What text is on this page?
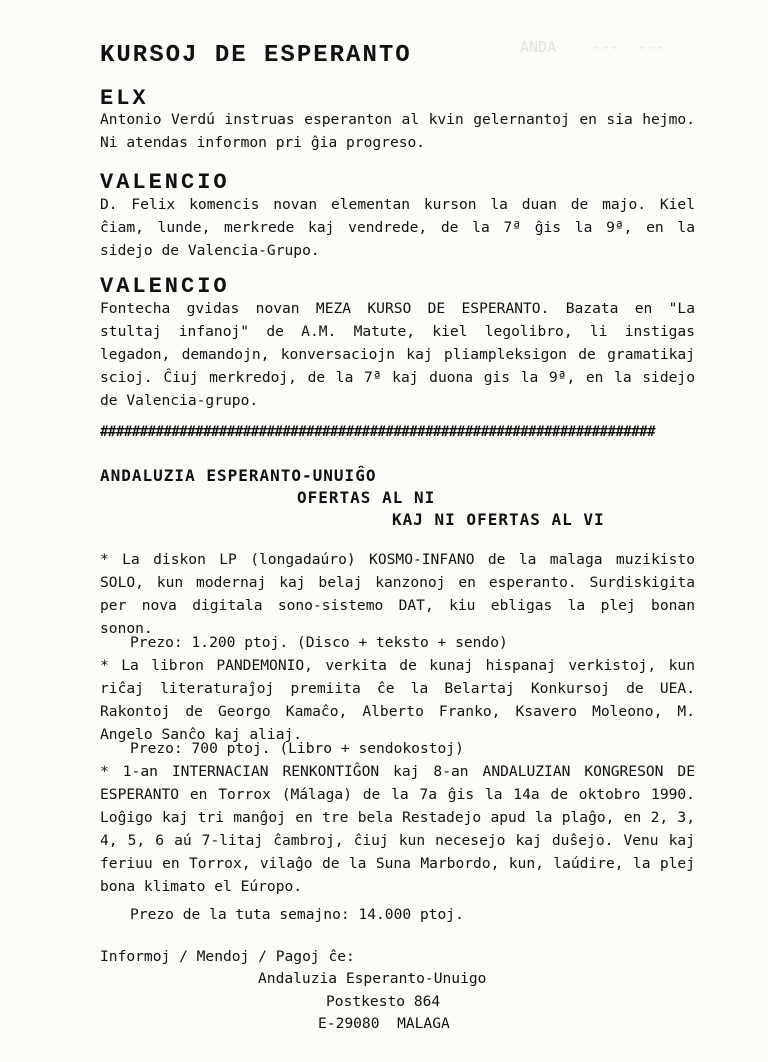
ANDA    ---  ---
KURSOJ DE ESPERANTO
ELX

Antonio Verdú instruas esperanton al kvin gelernantoj en sia hejmo. Ni atendas informon pri ĝia progreso.

VALENCIO

D. Felix komencis novan elementan kurson la duan de majo. Kiel ĉiam, lunde, merkrede kaj vendrede, de la 7ª ĝis la 9ª, en la sidejo de Valencia-Grupo.

VALENCIO

Fontecha gvidas novan MEZA KURSO DE ESPERANTO. Bazata en "La stultaj infanoj" de A.M. Matute, kiel legolibro, li instigas legadon, demandojn, konversaciojn kaj pliampleksigon de gramatikaj scioj. Ĉiuj merkredoj, de la 7ª kaj duona gis la 9ª, en la sidejo de Valencia-grupo.

######################################################################
ANDALUZIA ESPERANTO-UNUIĜO
OFERTAS AL NI
KAJ NI OFERTAS AL VI

* La diskon LP (longadaúro) KOSMO-INFANO de la malaga muzikisto SOLO, kun modernaj kaj belaj kanzonoj en esperanto. Surdiskigita per nova digitala sono-sistemo DAT, kiu ebligas la plej bonan sonon.

Prezo: 1.200 ptoj. (Disco + teksto + sendo)

* La libron PANDEMONIO, verkita de kunaj hispanaj verkistoj, kun riĉaj literaturaĵoj premiita ĉe la Belartaj Konkursoj de UEA. Rakontoj de Georgo Kamaĉo, Alberto Franko, Ksavero Moleono, M. Angelo Sanĉo kaj aliaj.

Prezo: 700 ptoj. (Libro + sendokostoj)

* 1-an INTERNACIAN RENKONTIĜON kaj 8-an ANDALUZIAN KONGRESON DE ESPERANTO en Torrox (Málaga) de la 7a ĝis la 14a de oktobro 1990. Loĝigo kaj tri manĝoj en tre bela Restadejo apud la plaĝo, en 2, 3, 4, 5, 6 aú 7-litaj ĉambroj, ĉiuj kun necesejo kaj duŝejo. Venu kaj feriuu en Torrox, vilaĝo de la Suna Marbordo, kun, laúdire, la plej bona klimato el Eúropo.

Prezo de la tuta semajno: 14.000 ptoj.

Informoj / Mendoj / Pagoj ĉe:
Andaluzia Esperanto-Unuigo
Postkesto 864
E-29080  MALAGA
